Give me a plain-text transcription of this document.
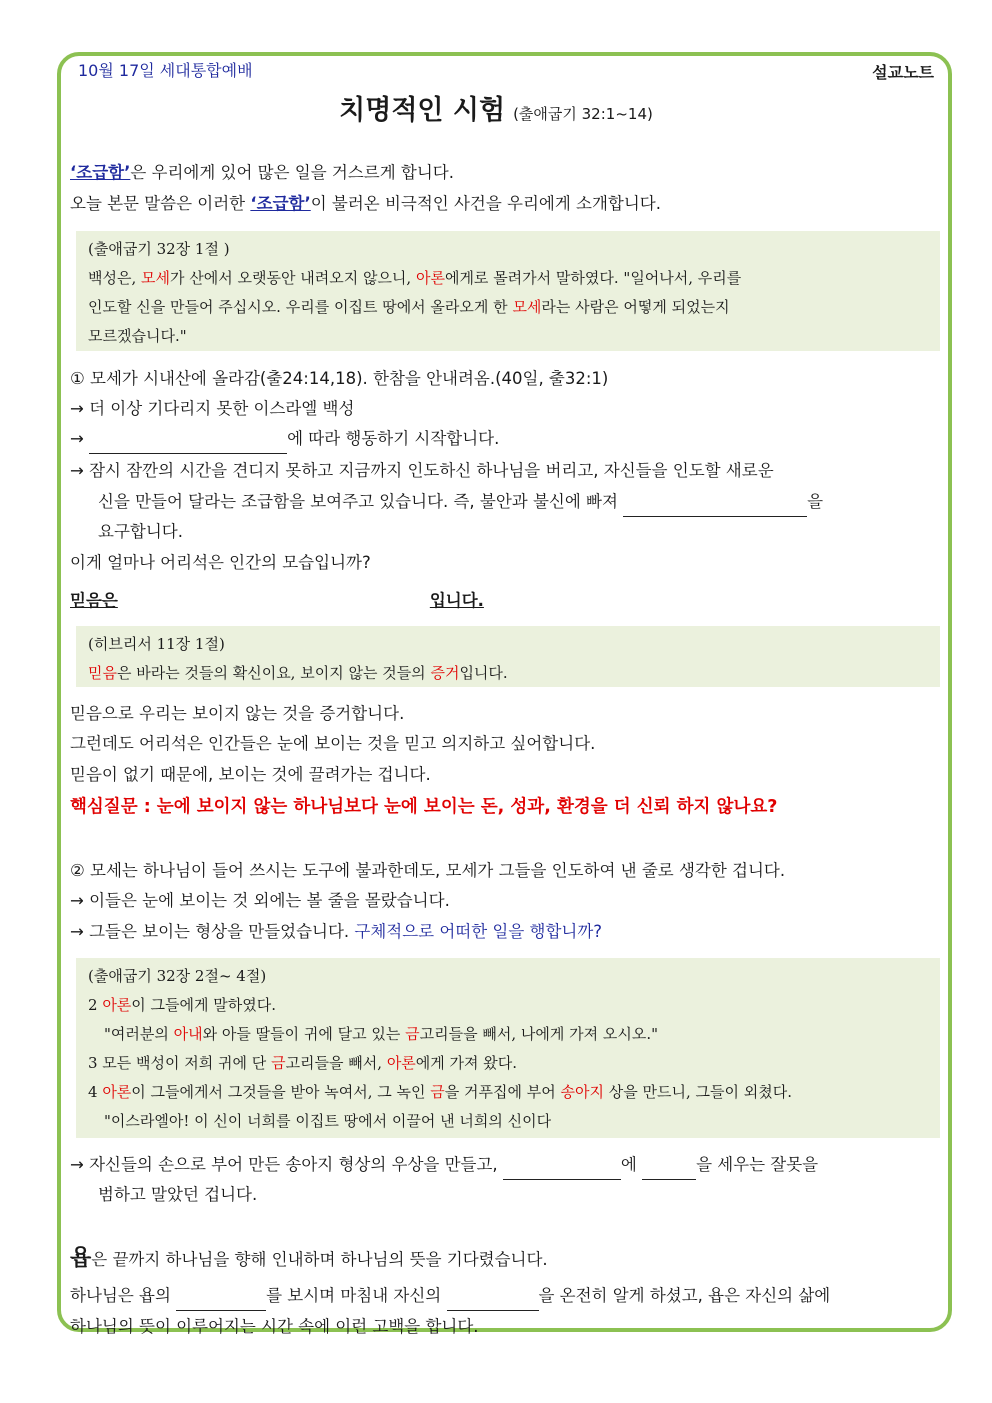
10월 17일 세대통합예배	설교노트
치명적인 시험 (출애굽기 32:1~14)
‘조급함’은 우리에게 있어 많은 일을 거스르게 합니다.
오늘 본문 말씀은 이러한 ‘조급함’이 불러온 비극적인 사건을 우리에게 소개합니다.
(출애굽기 32장 1절 )
백성은, 모세가 산에서 오랫동안 내려오지 않으니, 아론에게로 몰려가서 말하였다. "일어나서, 우리를
인도할 신을 만들어 주십시오. 우리를 이집트 땅에서 올라오게 한 모세라는 사람은 어떻게 되었는지
모르겠습니다."
① 모세가 시내산에 올라감(출24:14,18). 한참을 안내려옴.(40일, 출32:1)
→ 더 이상 기다리지 못한 이스라엘 백성
→	에 따라 행동하기 시작합니다.
→ 잠시 잠깐의 시간을 견디지 못하고 지금까지 인도하신 하나님을 버리고, 자신들을 인도할 새로운
신을 만들어 달라는 조급함을 보여주고 있습니다. 즉, 불안과 불신에 빠져	을
요구합니다.
이게 얼마나 어리석은 인간의 모습입니까?
믿음은	입니다.
(히브리서 11장 1절)
믿음은 바라는 것들의 확신이요, 보이지 않는 것들의 증거입니다.
믿음으로 우리는 보이지 않는 것을 증거합니다.
그런데도 어리석은 인간들은 눈에 보이는 것을 믿고 의지하고 싶어합니다.
믿음이 없기 때문에, 보이는 것에 끌려가는 겁니다.
핵심질문 : 눈에 보이지 않는 하나님보다 눈에 보이는 돈, 성과, 환경을 더 신뢰 하지 않나요?
② 모세는 하나님이 들어 쓰시는 도구에 불과한데도, 모세가 그들을 인도하여 낸 줄로 생각한 겁니다.
→ 이들은 눈에 보이는 것 외에는 볼 줄을 몰랐습니다.
→ 그들은 보이는 형상을 만들었습니다. 구체적으로 어떠한 일을 행합니까?
(출애굽기 32장 2절~ 4절)
2 아론이 그들에게 말하였다.
"여러분의 아내와 아들 딸들이 귀에 달고 있는 금고리들을 빼서, 나에게 가져 오시오."
3 모든 백성이 저희 귀에 단 금고리들을 빼서, 아론에게 가져 왔다.
4 아론이 그들에게서 그것들을 받아 녹여서, 그 녹인 금을 거푸집에 부어 송아지 상을 만드니, 그들이 외쳤다.
"이스라엘아! 이 신이 너희를 이집트 땅에서 이끌어 낸 너희의 신이다
→ 자신들의 손으로 부어 만든 송아지 형상의 우상을 만들고,	에	을 세우는 잘못을
범하고 말았던 겁니다.
욥은 끝까지 하나님을 향해 인내하며 하나님의 뜻을 기다렸습니다.
하나님은 욥의	를 보시며 마침내 자신의	을 온전히 알게 하셨고, 욥은 자신의 삶에
하나님의 뜻이 이루어지는 시간 속에 이런 고백을 합니다.
